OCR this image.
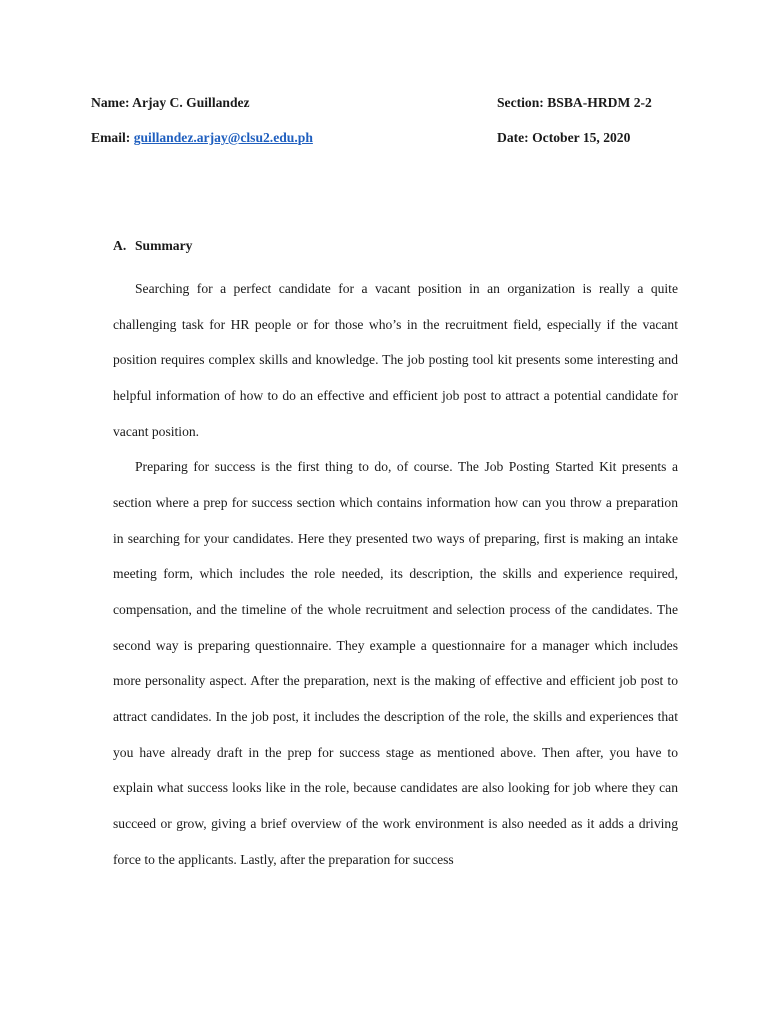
Name: Arjay C. Guillandez	Section: BSBA-HRDM 2-2
Email: guillandez.arjay@clsu2.edu.ph	Date: October 15, 2020
A. Summary

Searching for a perfect candidate for a vacant position in an organization is really a quite challenging task for HR people or for those who’s in the recruitment field, especially if the vacant position requires complex skills and knowledge. The job posting tool kit presents some interesting and helpful information of how to do an effective and efficient job post to attract a potential candidate for vacant position.

Preparing for success is the first thing to do, of course. The Job Posting Started Kit presents a section where a prep for success section which contains information how can you throw a preparation in searching for your candidates. Here they presented two ways of preparing, first is making an intake meeting form, which includes the role needed, its description, the skills and experience required, compensation, and the timeline of the whole recruitment and selection process of the candidates. The second way is preparing questionnaire. They example a questionnaire for a manager which includes more personality aspect. After the preparation, next is the making of effective and efficient job post to attract candidates. In the job post, it includes the description of the role, the skills and experiences that you have already draft in the prep for success stage as mentioned above. Then after, you have to explain what success looks like in the role, because candidates are also looking for job where they can succeed or grow, giving a brief overview of the work environment is also needed as it adds a driving force to the applicants. Lastly, after the preparation for success
